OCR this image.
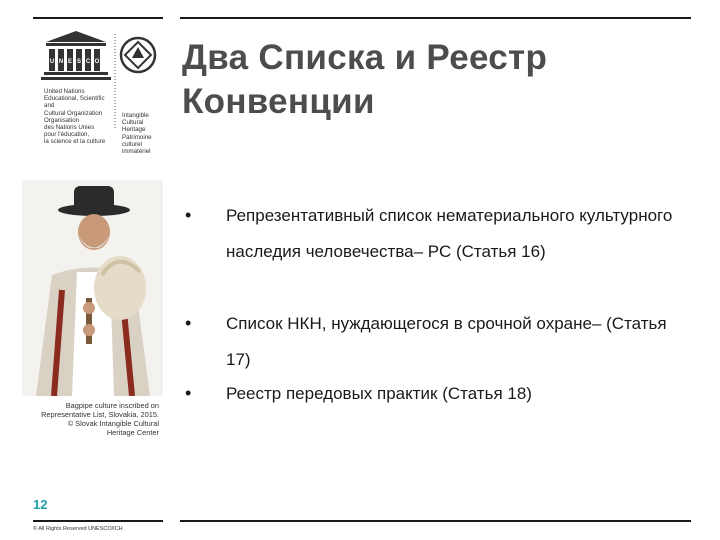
U N E S C O
United Nations
Educational, Scientific and
Cultural Organization
Organisation
des Nations Unies
pour l'éducation,
la science et la culture
Intangible
Cultural
Heritage
Patrimoine
culturel
immatériel
Два Списка и Реестр Конвенции
Bagpipe culture inscribed on
Representative List, Slovakia, 2015.
© Slovak Intangible Cultural
Heritage Center
12
© All Rights Reserved UNESCO/ICH
• Репрезентативный список нематериального культурного наследия человечества– РС (Статья 16)
• Список НКН, нуждающегося в срочной охране– (Статья 17)
• Реестр передовых практик (Статья 18)
